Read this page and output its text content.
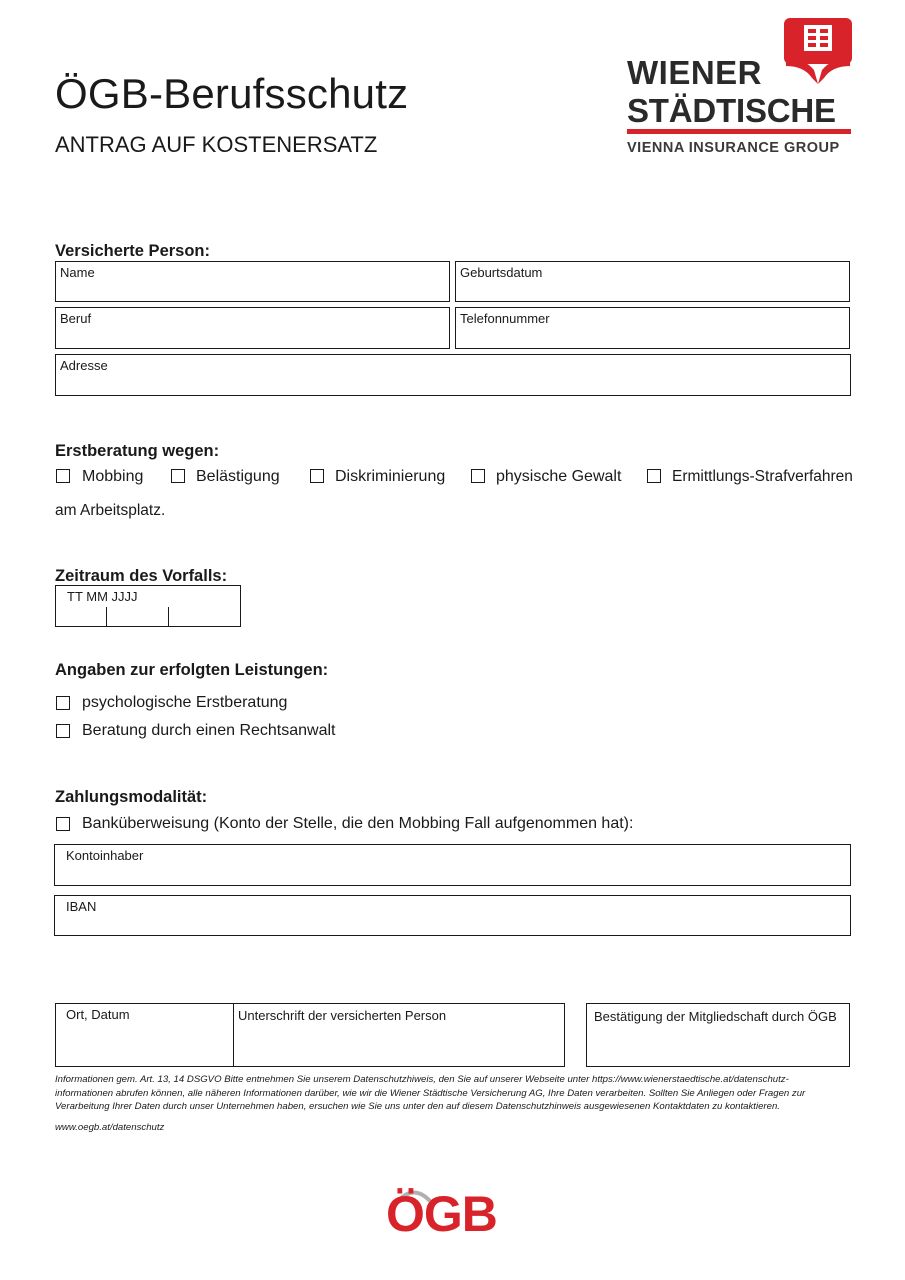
ÖGB-Berufsschutz
ANTRAG AUF KOSTENERSATZ
WIENER
STÄDTISCHE
VIENNA INSURANCE GROUP
Versicherte Person:
Name	Geburtsdatum
Beruf	Telefonnummer
Adresse
Erstberatung wegen:
Mobbing	Belästigung	Diskriminierung	physische Gewalt	Ermittlungs-Strafverfahren
am Arbeitsplatz.
Zeitraum des Vorfalls:
TT MM JJJJ
Angaben zur erfolgten Leistungen:
psychologische Erstberatung
Beratung durch einen Rechtsanwalt
Zahlungsmodalität:
Banküberweisung (Konto der Stelle, die den Mobbing Fall aufgenommen hat):
Kontoinhaber
IBAN
Ort, Datum	Unterschrift der versicherten Person	Bestätigung der Mitgliedschaft durch ÖGB
Informationen gem. Art. 13, 14 DSGVO Bitte entnehmen Sie unserem Datenschutzhiweis, den Sie auf unserer Webseite unter https://www.wienerstaedtische.at/datenschutz-informationen abrufen können, alle näheren Informationen darüber, wie wir die Wiener Städtische Versicherung AG, Ihre Daten verarbeiten. Sollten Sie Anliegen oder Fragen zur Verarbeitung Ihrer Daten durch unser Unternehmen haben, ersuchen wie Sie uns unter den auf diesem Datenschutzhinweis ausgewiesenen Kontaktdaten zu kontaktieren.
www.oegb.at/datenschutz
ÖGB
